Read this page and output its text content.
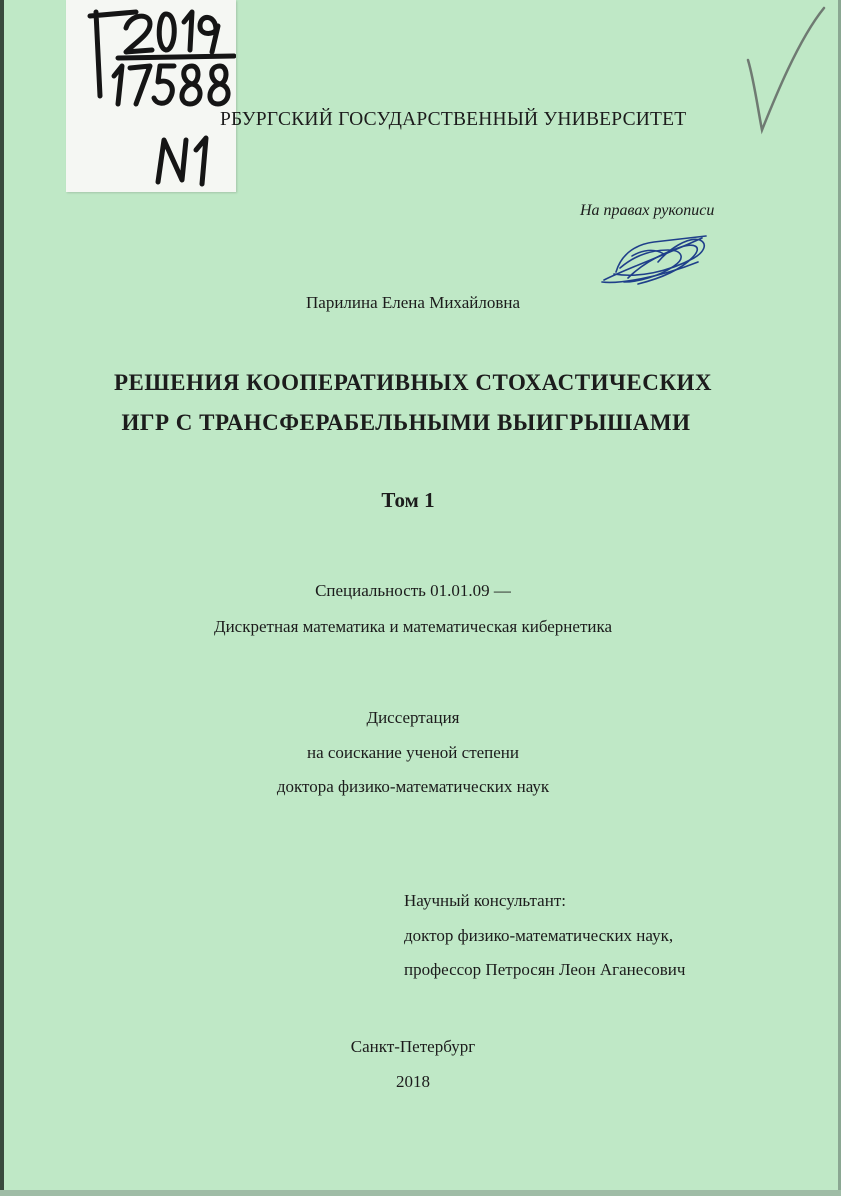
РБУРГСКИЙ ГОСУДАРСТВЕННЫЙ УНИВЕРСИТЕТ
На правах рукописи
Парилина Елена Михайловна
РЕШЕНИЯ КООПЕРАТИВНЫХ СТОХАСТИЧЕСКИХ
ИГР С ТРАНСФЕРАБЕЛЬНЫМИ ВЫИГРЫШАМИ
Том 1
Специальность 01.01.09 —
Дискретная математика и математическая кибернетика
Диссертация
на соискание ученой степени
доктора физико-математических наук
Научный консультант:
доктор физико-математических наук,
профессор Петросян Леон Аганесович
Санкт-Петербург
2018
